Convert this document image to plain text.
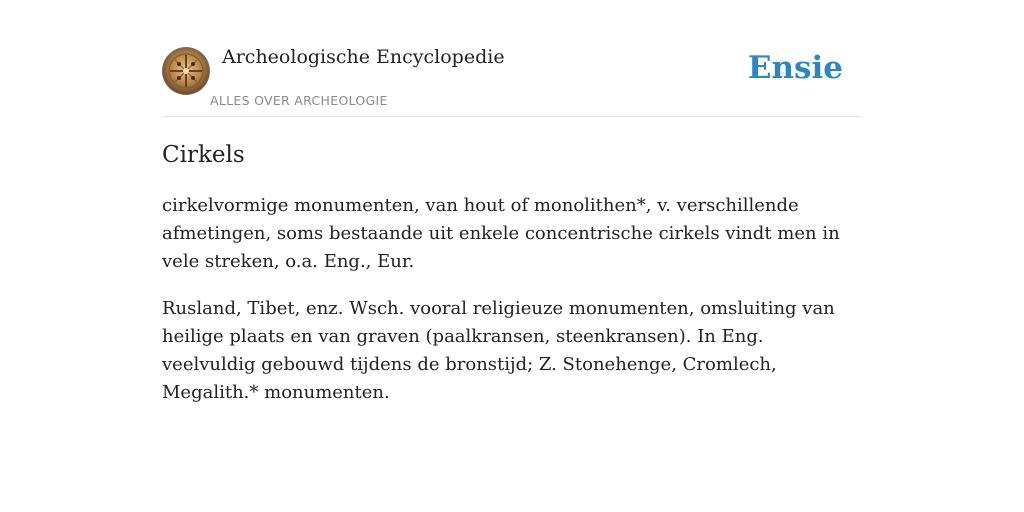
Archeologische Encyclopedie
ALLES OVER ARCHEOLOGIE
Ensie
Cirkels

cirkelvormige monumenten, van hout of monolithen*, v. verschillende afmetingen, soms bestaande uit enkele concentrische cirkels vindt men in vele streken, o.a. Eng., Eur.

Rusland, Tibet, enz. Wsch. vooral religieuze monumenten, omsluiting van heilige plaats en van graven (paalkransen, steenkransen). In Eng. veelvuldig gebouwd tijdens de bronstijd; Z. Stonehenge, Cromlech, Megalith.* monumenten.
